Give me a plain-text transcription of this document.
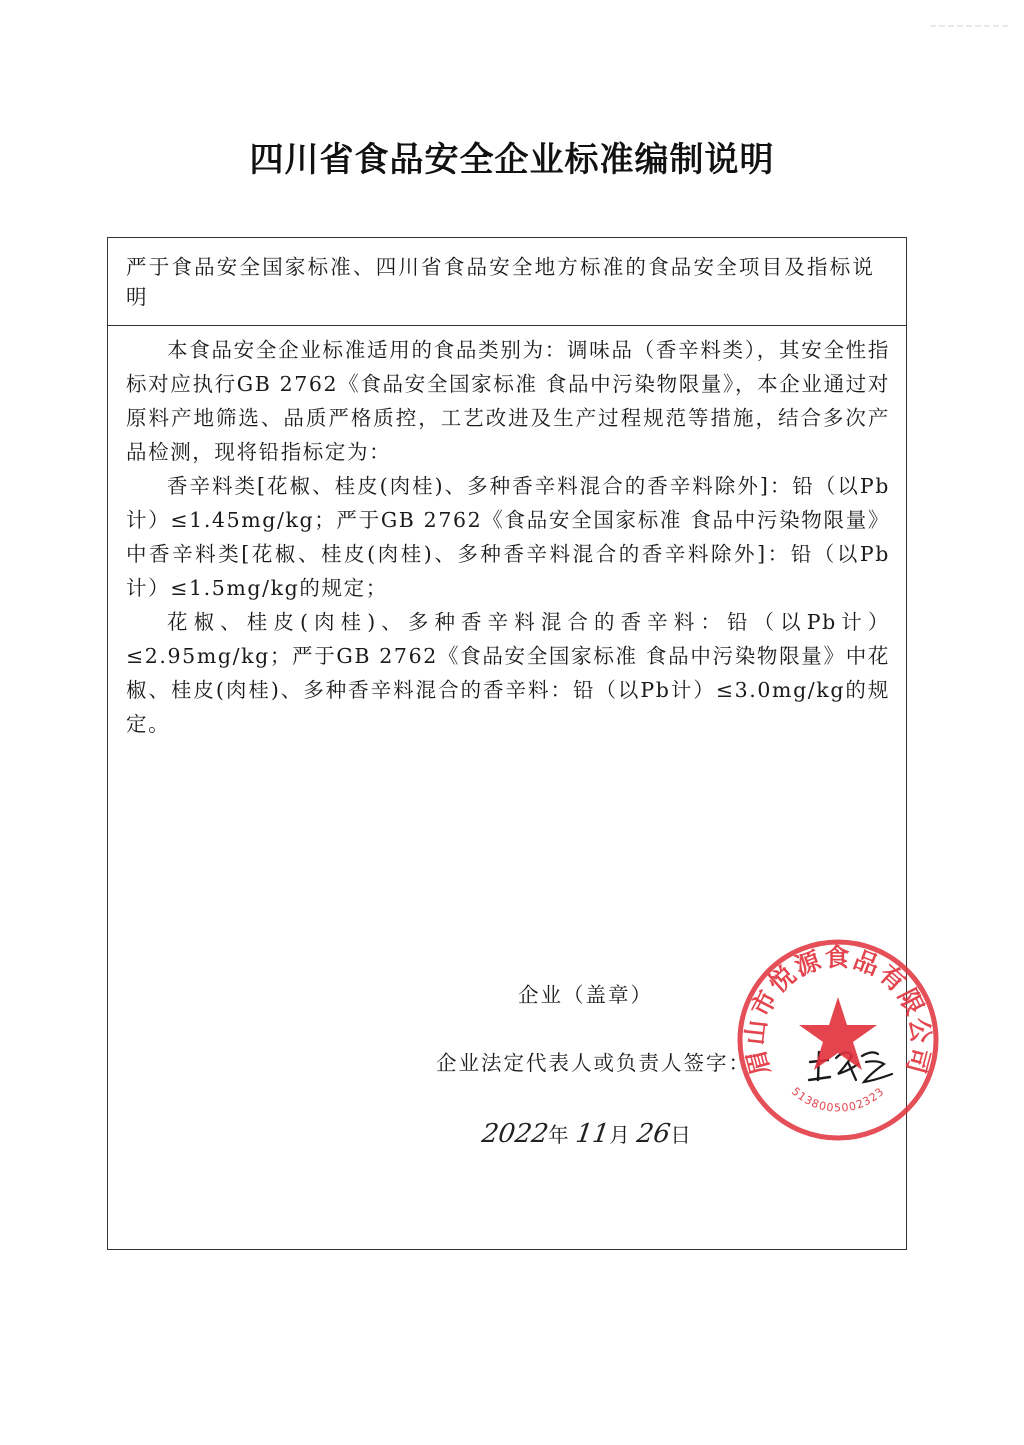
四川省食品安全企业标准编制说明
严于食品安全国家标准、四川省食品安全地方标准的食品安全项目及指标说明

本食品安全企业标准适用的食品类别为：调味品（香辛料类），其安全性指标对应执行GB 2762《食品安全国家标准 食品中污染物限量》，本企业通过对原料产地筛选、品质严格质控，工艺改进及生产过程规范等措施，结合多次产品检测，现将铅指标定为：

香辛料类[花椒、桂皮(肉桂)、多种香辛料混合的香辛料除外]：铅（以Pb计）≤1.45mg/kg；严于GB 2762《食品安全国家标准 食品中污染物限量》中香辛料类[花椒、桂皮(肉桂)、多种香辛料混合的香辛料除外]：铅（以Pb计）≤1.5mg/kg的规定；

花椒、桂皮(肉桂)、多种香辛料混合的香辛料：铅（以Pb计）≤2.95mg/kg；严于GB 2762《食品安全国家标准 食品中污染物限量》中花椒、桂皮(肉桂)、多种香辛料混合的香辛料：铅（以Pb计）≤3.0mg/kg的规定。

企业（盖章）
企业法定代表人或负责人签字：
2022年 11月 26日
眉山市悦源食品有限公司
5138005002323
